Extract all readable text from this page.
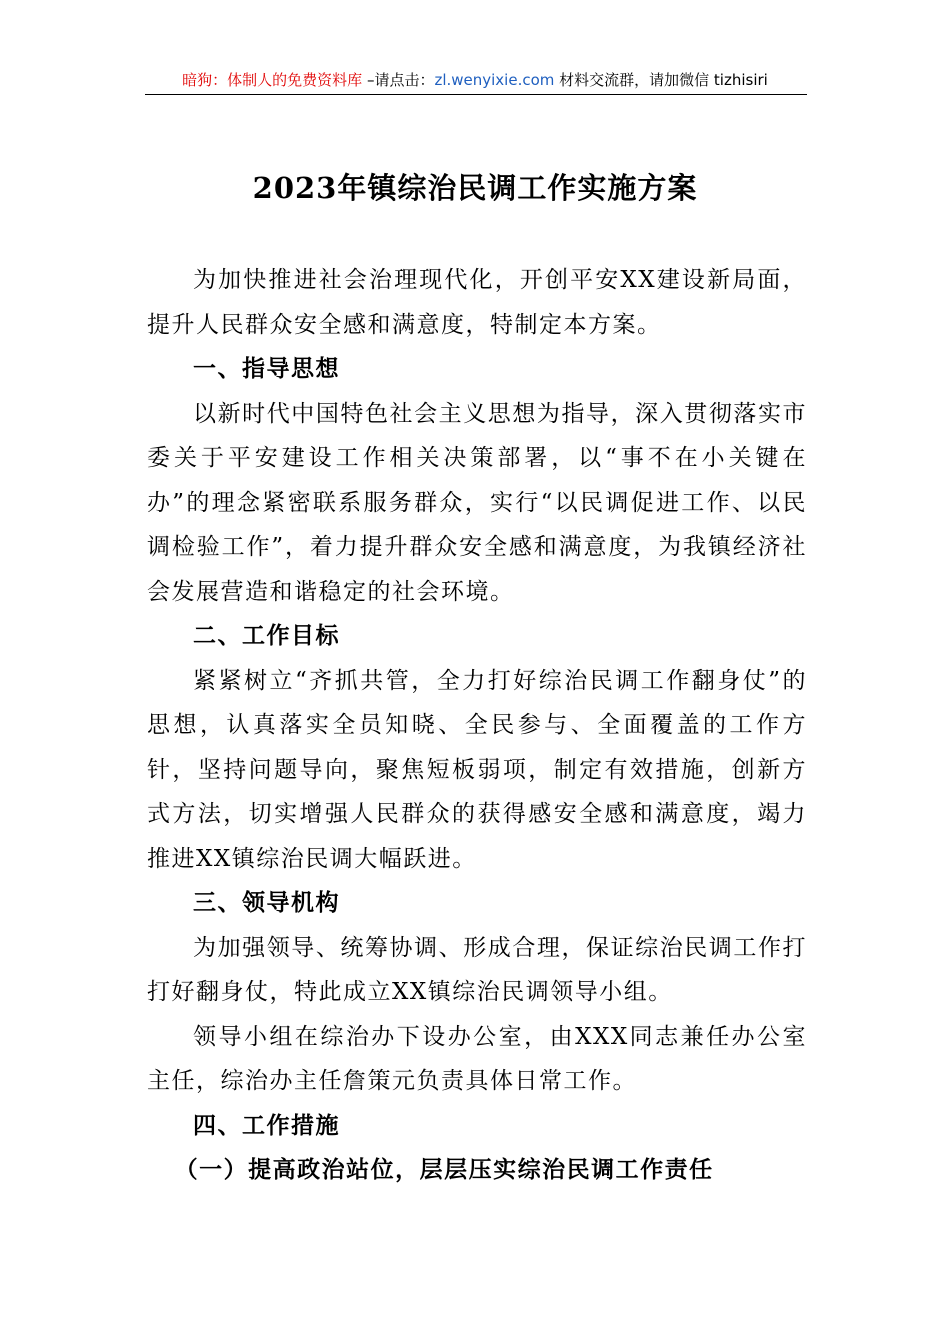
暗狗：体制人的免费资料库 –请点击：zl.wenyixie.com 材料交流群，请加微信 tizhisiri
2023年镇综治民调工作实施方案

为加快推进社会治理现代化，开创平安XX建设新局面，提升人民群众安全感和满意度，特制定本方案。

一、指导思想

以新时代中国特色社会主义思想为指导，深入贯彻落实市委关于平安建设工作相关决策部署，以“事不在小关键在办”的理念紧密联系服务群众，实行“以民调促进工作、以民调检验工作”，着力提升群众安全感和满意度，为我镇经济社会发展营造和谐稳定的社会环境。

二、工作目标

紧紧树立“齐抓共管，全力打好综治民调工作翻身仗”的思想，认真落实全员知晓、全民参与、全面覆盖的工作方针，坚持问题导向，聚焦短板弱项，制定有效措施，创新方式方法，切实增强人民群众的获得感安全感和满意度，竭力推进XX镇综治民调大幅跃进。

三、领导机构

为加强领导、统筹协调、形成合理，保证综治民调工作打打好翻身仗，特此成立XX镇综治民调领导小组。

领导小组在综治办下设办公室，由XXX同志兼任办公室主任，综治办主任詹策元负责具体日常工作。

四、工作措施

（一）提高政治站位，层层压实综治民调工作责任
